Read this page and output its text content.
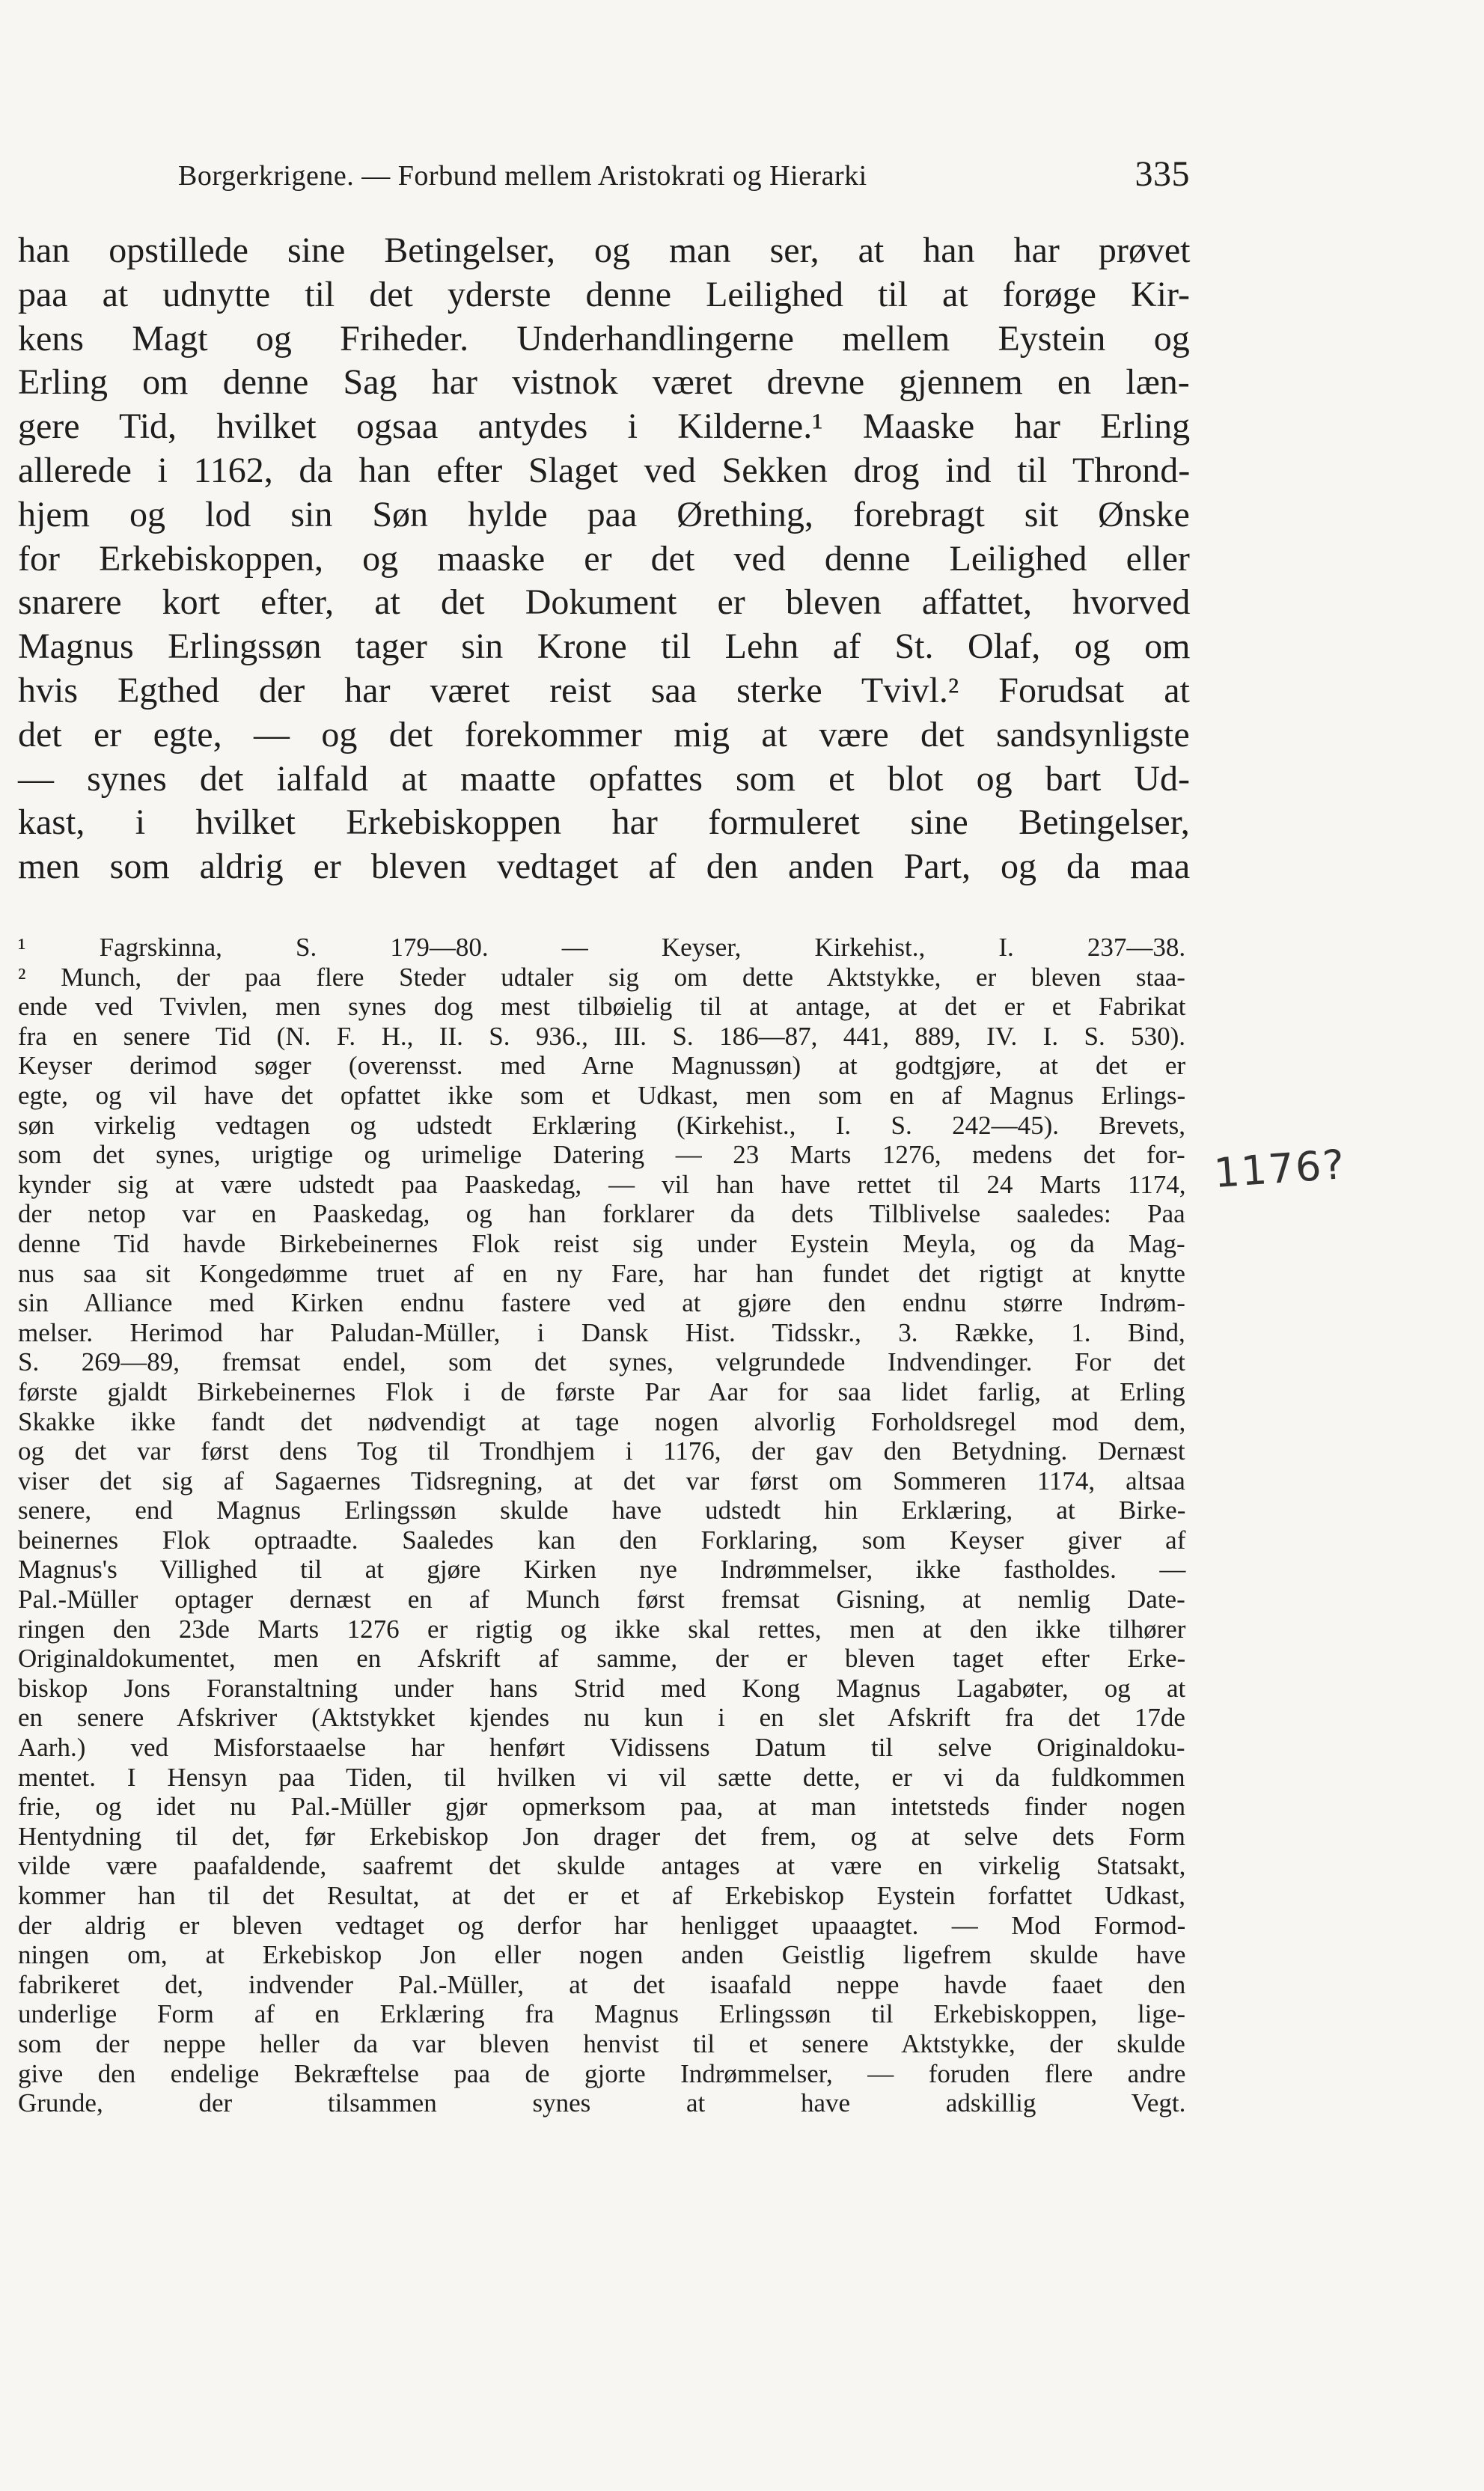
Borgerkrigene. — Forbund mellem Aristokrati og Hierarki	335
han opstillede sine Betingelser, og man ser, at han har prøvet
paa at udnytte til det yderste denne Leilighed til at forøge Kir-
kens Magt og Friheder. Underhandlingerne mellem Eystein og
Erling om denne Sag har vistnok været drevne gjennem en læn-
gere Tid, hvilket ogsaa antydes i Kilderne.¹ Maaske har Erling
allerede i 1162, da han efter Slaget ved Sekken drog ind til Thrond-
hjem og lod sin Søn hylde paa Ørething, forebragt sit Ønske
for Erkebiskoppen, og maaske er det ved denne Leilighed eller
snarere kort efter, at det Dokument er bleven affattet, hvorved
Magnus Erlingssøn tager sin Krone til Lehn af St. Olaf, og om
hvis Egthed der har været reist saa sterke Tvivl.² Forudsat at
det er egte, — og det forekommer mig at være det sandsynligste
— synes det ialfald at maatte opfattes som et blot og bart Ud-
kast, i hvilket Erkebiskoppen har formuleret sine Betingelser,
men som aldrig er bleven vedtaget af den anden Part, og da maa
¹ Fagrskinna, S. 179—80. — Keyser, Kirkehist., I. 237—38.
² Munch, der paa flere Steder udtaler sig om dette Aktstykke, er bleven staa-
ende ved Tvivlen, men synes dog mest tilbøielig til at antage, at det er et Fabrikat
fra en senere Tid (N. F. H., II. S. 936., III. S. 186—87, 441, 889, IV. I. S. 530).
Keyser derimod søger (overensst. med Arne Magnussøn) at godtgjøre, at det er
egte, og vil have det opfattet ikke som et Udkast, men som en af Magnus Erlings-
søn virkelig vedtagen og udstedt Erklæring (Kirkehist., I. S. 242—45). Brevets,
som det synes, urigtige og urimelige Datering — 23 Marts 1276, medens det for-
kynder sig at være udstedt paa Paaskedag, — vil han have rettet til 24 Marts 1174,
der netop var en Paaskedag, og han forklarer da dets Tilblivelse saaledes: Paa
denne Tid havde Birkebeinernes Flok reist sig under Eystein Meyla, og da Mag-
nus saa sit Kongedømme truet af en ny Fare, har han fundet det rigtigt at knytte
sin Alliance med Kirken endnu fastere ved at gjøre den endnu større Indrøm-
melser. Herimod har Paludan-Müller, i Dansk Hist. Tidsskr., 3. Række, 1. Bind,
S. 269—89, fremsat endel, som det synes, velgrundede Indvendinger. For det
første gjaldt Birkebeinernes Flok i de første Par Aar for saa lidet farlig, at Erling
Skakke ikke fandt det nødvendigt at tage nogen alvorlig Forholdsregel mod dem,
og det var først dens Tog til Trondhjem i 1176, der gav den Betydning. Dernæst
viser det sig af Sagaernes Tidsregning, at det var først om Sommeren 1174, altsaa
senere, end Magnus Erlingssøn skulde have udstedt hin Erklæring, at Birke-
beinernes Flok optraadte. Saaledes kan den Forklaring, som Keyser giver af
Magnus's Villighed til at gjøre Kirken nye Indrømmelser, ikke fastholdes. —
Pal.-Müller optager dernæst en af Munch først fremsat Gisning, at nemlig Date-
ringen den 23de Marts 1276 er rigtig og ikke skal rettes, men at den ikke tilhører
Originaldokumentet, men en Afskrift af samme, der er bleven taget efter Erke-
biskop Jons Foranstaltning under hans Strid med Kong Magnus Lagabøter, og at
en senere Afskriver (Aktstykket kjendes nu kun i en slet Afskrift fra det 17de
Aarh.) ved Misforstaaelse har henført Vidissens Datum til selve Originaldoku-
mentet. I Hensyn paa Tiden, til hvilken vi vil sætte dette, er vi da fuldkommen
frie, og idet nu Pal.-Müller gjør opmerksom paa, at man intetsteds finder nogen
Hentydning til det, før Erkebiskop Jon drager det frem, og at selve dets Form
vilde være paafaldende, saafremt det skulde antages at være en virkelig Statsakt,
kommer han til det Resultat, at det er et af Erkebiskop Eystein forfattet Udkast,
der aldrig er bleven vedtaget og derfor har henligget upaaagtet. — Mod Formod-
ningen om, at Erkebiskop Jon eller nogen anden Geistlig ligefrem skulde have
fabrikeret det, indvender Pal.-Müller, at det isaafald neppe havde faaet den
underlige Form af en Erklæring fra Magnus Erlingssøn til Erkebiskoppen, lige-
som der neppe heller da var bleven henvist til et senere Aktstykke, der skulde
give den endelige Bekræftelse paa de gjorte Indrømmelser, — foruden flere andre
Grunde, der tilsammen synes at have adskillig Vegt.
1176?
